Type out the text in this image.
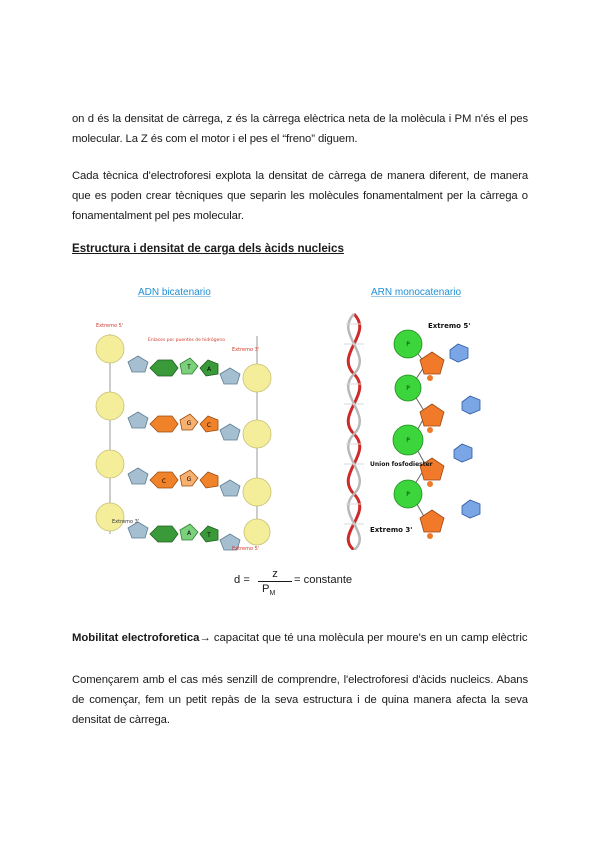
on d és la densitat de càrrega, z és la càrrega elèctrica neta de la molècula i PM n'és el pes molecular. La Z és com el motor i el pes el “freno” diguem.
Cada tècnica d'electroforesi explota la densitat de càrrega de manera diferent, de manera que es poden crear tècniques que separin les molècules fonamentalment per la càrrega o fonamentalment pel pes molecular.
Estructura i densitat de carga dels àcids nucleics
ADN bicatenario	ARN monocatenario
T	A
G	C
C	G
A	T
Extremo 5'
Extremo 3'
Enlaces por puentes de hidrógeno
Extremo 3'
Extremo 5'
P
P
P
P
Extremo 5'
Union fosfodiester
Extremo 3'
d =	z
$P_M$
= constante
Mobilitat electroforetica→ capacitat que té una molècula per moure's en un camp elèctric
Començarem amb el cas més senzill de comprendre, l'electroforesi d'àcids nucleics. Abans de començar, fem un petit repàs de la seva estructura i de quina manera afecta la seva densitat de càrrega.
